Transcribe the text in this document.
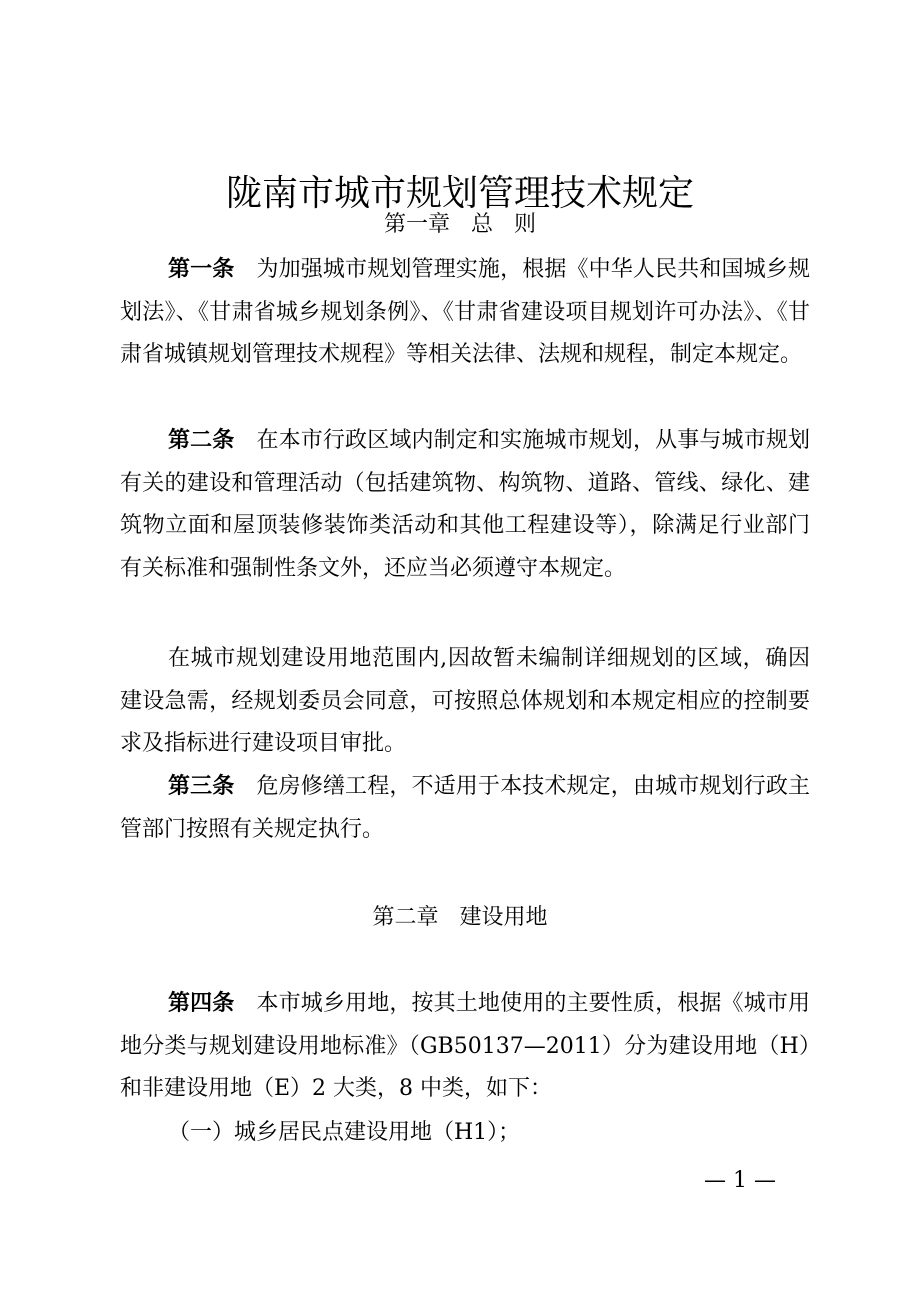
陇南市城市规划管理技术规定
第一章   总   则

第一条 为加强城市规划管理实施，根据《中华人民共和国城乡规划法》、《甘肃省城乡规划条例》、《甘肃省建设项目规划许可办法》、《甘肃省城镇规划管理技术规程》等相关法律、法规和规程，制定本规定。

第二条 在本市行政区域内制定和实施城市规划，从事与城市规划有关的建设和管理活动（包括建筑物、构筑物、道路、管线、绿化、建筑物立面和屋顶装修装饰类活动和其他工程建设等），除满足行业部门有关标准和强制性条文外，还应当必须遵守本规定。

在城市规划建设用地范围内,因故暂未编制详细规划的区域，确因建设急需，经规划委员会同意，可按照总体规划和本规定相应的控制要求及指标进行建设项目审批。

第三条 危房修缮工程，不适用于本技术规定，由城市规划行政主管部门按照有关规定执行。

第二章   建设用地

第四条 本市城乡用地，按其土地使用的主要性质，根据《城市用地分类与规划建设用地标准》（GB50137—2011）分为建设用地（H）和非建设用地（E）2 大类，8 中类，如下：

（一）城乡居民点建设用地（H1）；

— 1 —
